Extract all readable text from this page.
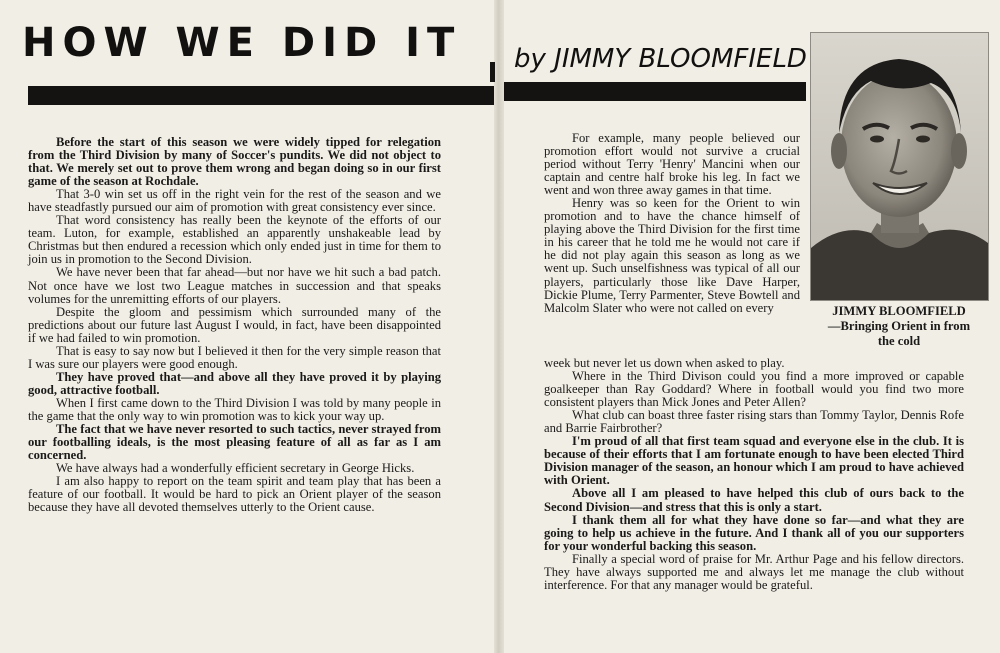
HOW WE DID IT by JIMMY BLOOMFIELD
JIMMY BLOOMFIELD
—Bringing Orient in from
the cold

Before the start of this season we were widely tipped for relegation from the Third Division by many of Soccer's pundits. We did not object to that. We merely set out to prove them wrong and began doing so in our first game of the season at Rochdale.

That 3-0 win set us off in the right vein for the rest of the season and we have steadfastly pursued our aim of promotion with great consistency ever since.

That word consistency has really been the keynote of the efforts of our team. Luton, for example, established an apparently unshakeable lead by Christmas but then endured a recession which only ended just in time for them to join us in promotion to the Second Division.

We have never been that far ahead—but nor have we hit such a bad patch. Not once have we lost two League matches in succession and that speaks volumes for the unremitting efforts of our players.

Despite the gloom and pessimism which surrounded many of the predictions about our future last August I would, in fact, have been disappointed if we had failed to win promotion.

That is easy to say now but I believed it then for the very simple reason that I was sure our players were good enough.

They have proved that—and above all they have proved it by playing good, attractive football.

When I first came down to the Third Division I was told by many people in the game that the only way to win promotion was to kick your way up.

The fact that we have never resorted to such tactics, never strayed from our footballing ideals, is the most pleasing feature of all as far as I am concerned.

We have always had a wonderfully efficient secretary in George Hicks.

I am also happy to report on the team spirit and team play that has been a feature of our football. It would be hard to pick an Orient player of the season because they have all devoted themselves utterly to the Orient cause.

For example, many people believed our promotion effort would not survive a crucial period without Terry 'Henry' Mancini when our captain and centre half broke his leg. In fact we went and won three away games in that time.

Henry was so keen for the Orient to win promotion and to have the chance himself of playing above the Third Division for the first time in his career that he told me he would not care if he did not play again this season as long as we went up. Such unselfishness was typical of all our players, particularly those like Dave Harper, Dickie Plume, Terry Parmenter, Steve Bowtell and Malcolm Slater who were not called on every

week but never let us down when asked to play.

Where in the Third Divison could you find a more improved or capable goalkeeper than Ray Goddard? Where in football would you find two more consistent players than Mick Jones and Peter Allen?

What club can boast three faster rising stars than Tommy Taylor, Dennis Rofe and Barrie Fairbrother?

I'm proud of all that first team squad and everyone else in the club. It is because of their efforts that I am fortunate enough to have been elected Third Division manager of the season, an honour which I am proud to have achieved with Orient.

Above all I am pleased to have helped this club of ours back to the Second Division—and stress that this is only a start.

I thank them all for what they have done so far—and what they are going to help us achieve in the future. And I thank all of you our supporters for your wonderful backing this season.

Finally a special word of praise for Mr. Arthur Page and his fellow directors. They have always supported me and always let me manage the club without interference. For that any manager would be grateful.
